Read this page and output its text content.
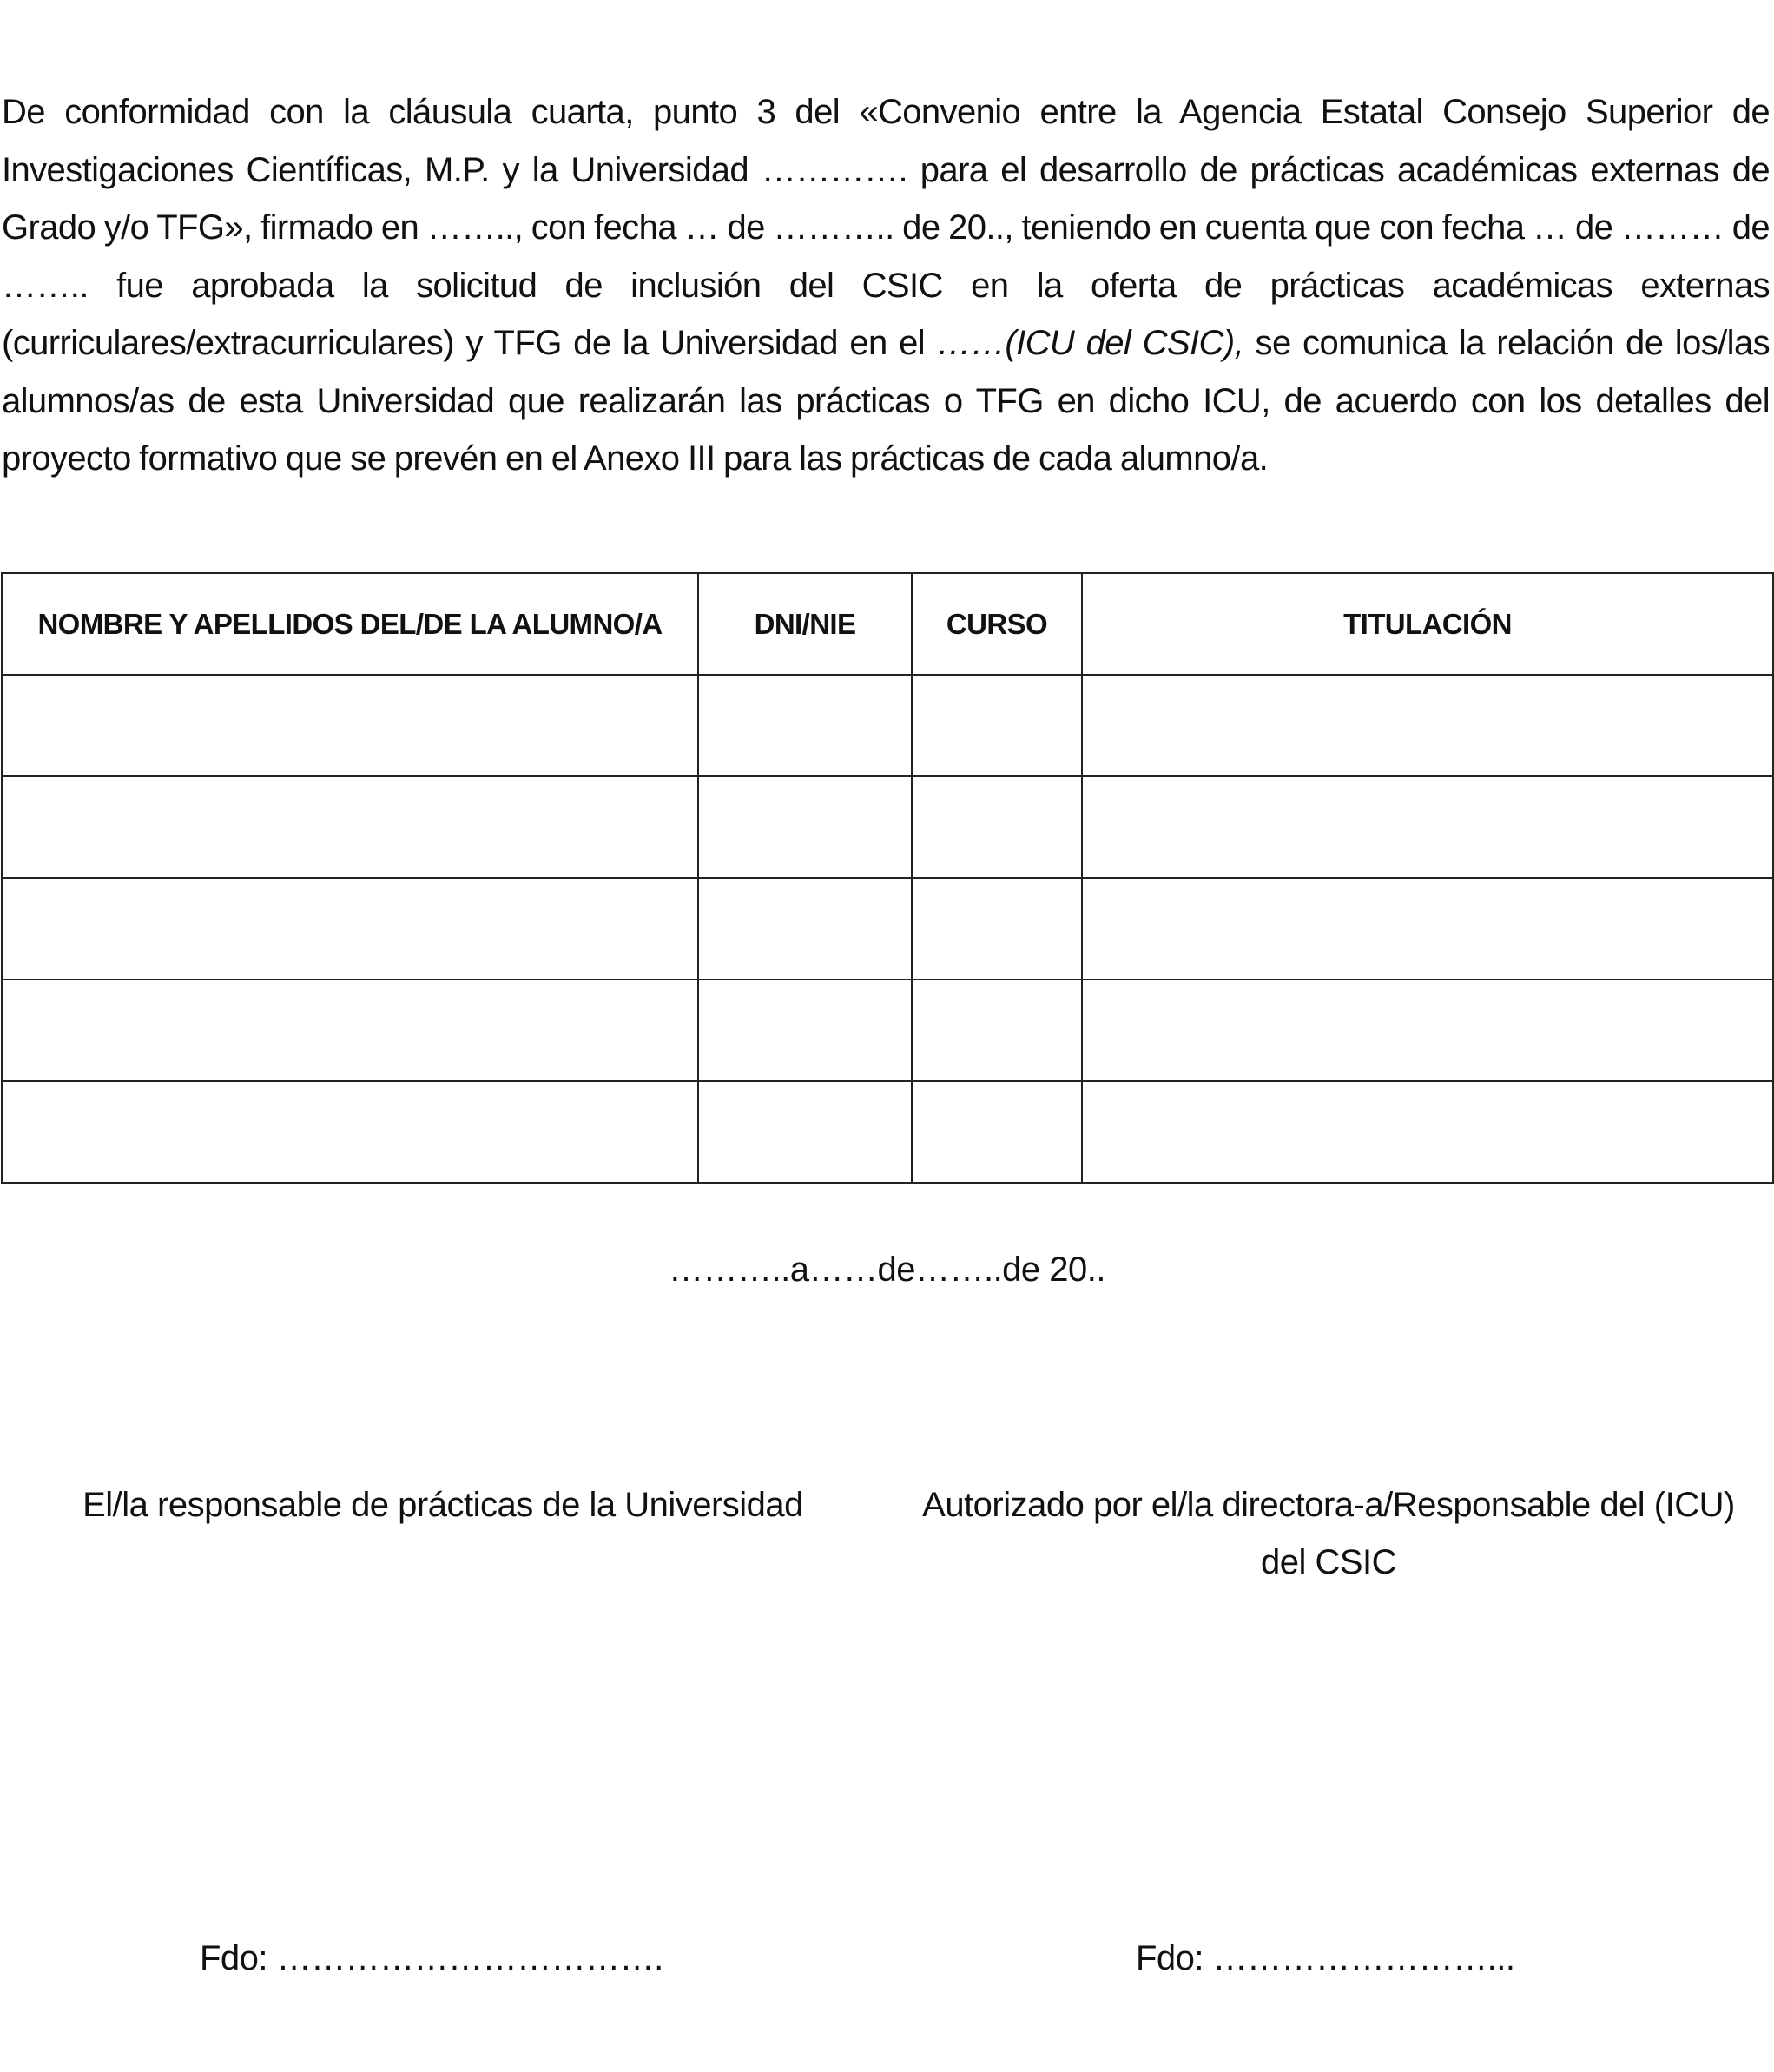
De conformidad con la cláusula cuarta, punto 3 del «Convenio entre la Agencia Estatal Consejo Superior de Investigaciones Científicas, M.P. y la Universidad …………. para el desarrollo de prácticas académicas externas de Grado y/o TFG», firmado en …….., con fecha … de ……….. de 20.., teniendo en cuenta que con fecha … de ……… de …….. fue aprobada la solicitud de inclusión del CSIC en la oferta de prácticas académicas externas (curriculares/extracurriculares) y TFG de la Universidad en el ……(ICU del CSIC), se comunica la relación de los/las alumnos/as de esta Universidad que realizarán las prácticas o TFG en dicho ICU, de acuerdo con los detalles del proyecto formativo que se prevén en el Anexo III para las prácticas de cada alumno/a.

NOMBRE Y APELLIDOS DEL/DE LA ALUMNO/A	DNI/NIE	CURSO	TITULACIÓN

………..a……de……..de 20..
El/la responsable de prácticas de la Universidad	Autorizado por el/la directora-a/Responsable del (ICU) del CSIC
Fdo: …………………………….	Fdo: ……………………...
